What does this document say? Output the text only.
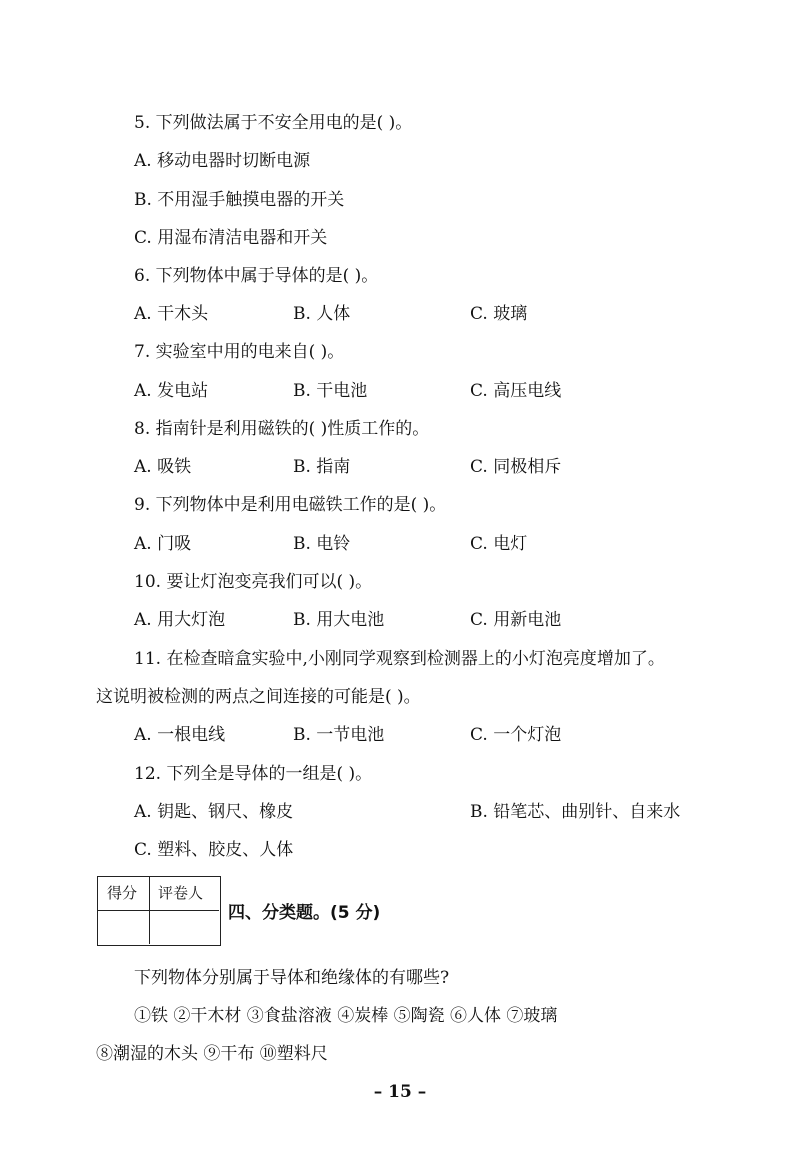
5. 下列做法属于不安全用电的是( )。
A. 移动电器时切断电源
B. 不用湿手触摸电器的开关
C. 用湿布清洁电器和开关
6. 下列物体中属于导体的是( )。
A. 干木头	B. 人体	C. 玻璃
7. 实验室中用的电来自( )。
A. 发电站	B. 干电池	C. 高压电线
8. 指南针是利用磁铁的( )性质工作的。
A. 吸铁	B. 指南	C. 同极相斥
9. 下列物体中是利用电磁铁工作的是( )。
A. 门吸	B. 电铃	C. 电灯
10. 要让灯泡变亮我们可以( )。
A. 用大灯泡	B. 用大电池	C. 用新电池
11. 在检查暗盒实验中,小刚同学观察到检测器上的小灯泡亮度增加了。
这说明被检测的两点之间连接的可能是( )。
A. 一根电线	B. 一节电池	C. 一个灯泡
12. 下列全是导体的一组是( )。
A. 钥匙、钢尺、橡皮	B. 铅笔芯、曲别针、自来水
C. 塑料、胶皮、人体
得分	评卷人
四、分类题。(5 分)
下列物体分别属于导体和绝缘体的有哪些?
①铁 ②干木材 ③食盐溶液 ④炭棒 ⑤陶瓷 ⑥人体 ⑦玻璃
⑧潮湿的木头 ⑨干布 ⑩塑料尺
– 15 –
